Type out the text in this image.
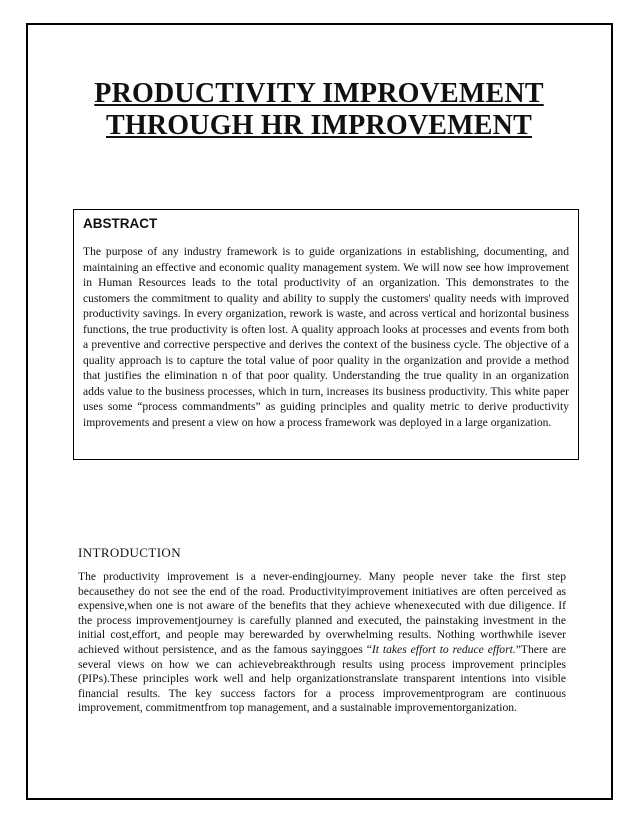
PRODUCTIVITY IMPROVEMENT
THROUGH HR IMPROVEMENT
ABSTRACT

The purpose of any industry framework is to guide organizations in establishing, documenting, and maintaining an effective and economic quality management system. We will now see how improvement in Human Resources leads to the total productivity of an organization. This demonstrates to the customers the commitment to quality and ability to supply the customers' quality needs with improved productivity savings. In every organization, rework is waste, and across vertical and horizontal business functions, the true productivity is often lost. A quality approach looks at processes and events from both a preventive and corrective perspective and derives the context of the business cycle. The objective of a quality approach is to capture the total value of poor quality in the organization and provide a method that justifies the elimination n of that poor quality. Understanding the true quality in an organization adds value to the business processes, which in turn, increases its business productivity. This white paper uses some “process commandments” as guiding principles and quality metric to derive productivity improvements and present a view on how a process framework was deployed in a large organization.

INTRODUCTION

The productivity improvement is a never-endingjourney. Many people never take the first step becausethey do not see the end of the road. Productivityimprovement initiatives are often perceived as expensive,when one is not aware of the benefits that they achieve whenexecuted with due diligence. If the process improvementjourney is carefully planned and executed, the painstaking investment in the initial cost,effort, and people may berewarded by overwhelming results. Nothing worthwhile isever achieved without persistence, and as the famous sayinggoes “It takes effort to reduce effort.”There are several views on how we can achievebreakthrough results using process improvement principles (PIPs).These principles work well and help organizationstranslate transparent intentions into visible financial results. The key success factors for a process improvementprogram are continuous improvement, commitmentfrom top management, and a sustainable improvementorganization.
